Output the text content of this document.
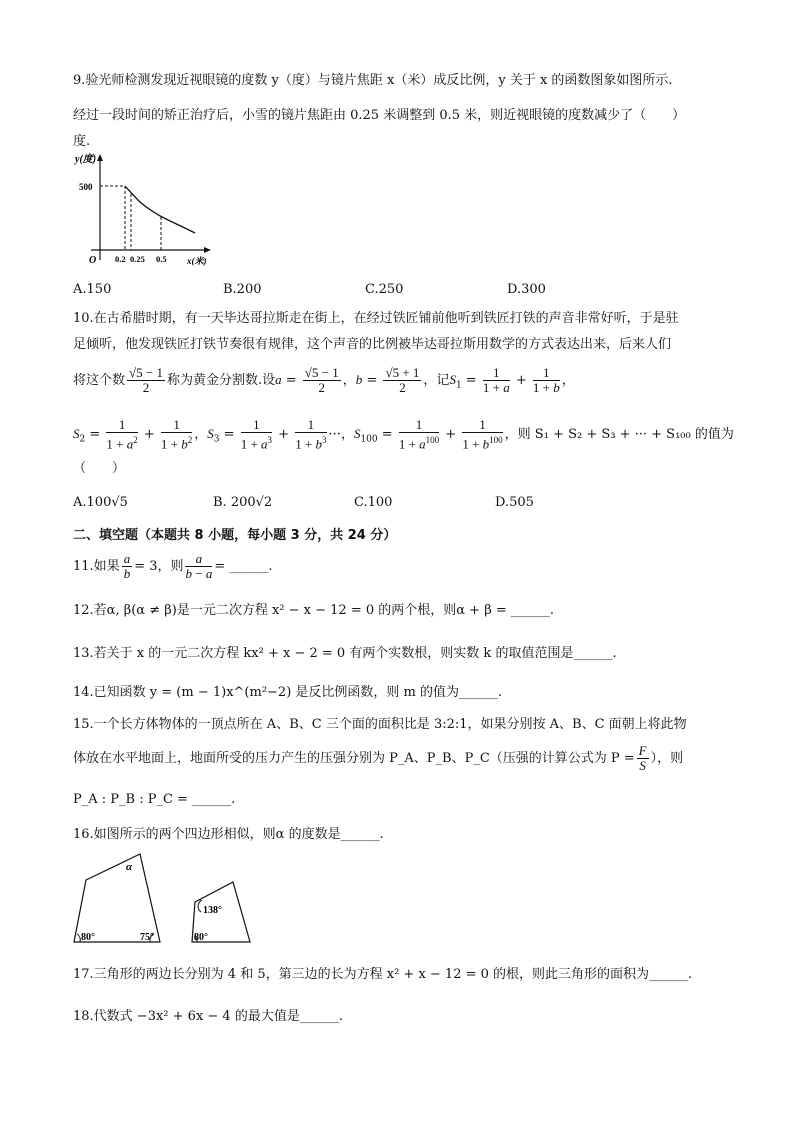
9.验光师检测发现近视眼镜的度数 y（度）与镜片焦距 x（米）成反比例，y 关于 x 的函数图象如图所示.
经过一段时间的矫正治疗后，小雪的镜片焦距由 0.25 米调整到 0.5 米，则近视眼镜的度数减少了（　　）
度.
y(度)
500
O 0.2 0.25 0.5 x(米)
A.150	B.200	C.250	D.300
10.在古希腊时期，有一天毕达哥拉斯走在街上，在经过铁匠铺前他听到铁匠打铁的声音非常好听，于是驻
足倾听，他发现铁匠打铁节奏很有规律，这个声音的比例被毕达哥拉斯用数学的方式表达出来，后来人们
将这个数 $\frac{√5 - 1}{2}$ 称为黄金分割数.设$a = \frac{√5 - 1}{2}$ ，$b = \frac{√5 + 1}{2}$ ，记$S_1 = \frac{1}{1 + a} + \frac{1}{1 + b}$ ，
$S_2 = \frac{1}{1 + a^2} + \frac{1}{1 + b^2}$ ，$S_3 = \frac{1}{1 + a^3} + \frac{1}{1 + b^3}$ ···，$S_{100} = \frac{1}{1 + a^{100}} + \frac{1}{1 + b^{100}}$ ，则 S₁ + S₂ + S₃ + ··· + S₁₀₀ 的值为
（　　）
A.100√5	B. 200√2	C.100	D.505
二、填空题（本题共 8 小题，每小题 3 分，共 24 分）
11.如果 $\frac{a}{b} = 3$，则 $\frac{a}{b - a}$ = ______.
12.若α, β(α ≠ β)是一元二次方程 x² − x − 12 = 0 的两个根，则α + β = ______.
13.若关于 x 的一元二次方程 kx² + x − 2 = 0 有两个实数根，则实数 k 的取值范围是______.
14.已知函数 y = (m − 1)x^(m²−2) 是反比例函数，则 m 的值为______.
15.一个长方体物体的一顶点所在 A、B、C 三个面的面积比是 3:2:1，如果分别按 A、B、C 面朝上将此物
体放在水平地面上，地面所受的压力产生的压强分别为 P_A、P_B、P_C（压强的计算公式为 $P = \frac{F}{S}$ ），则
P_A : P_B : P_C = ______.
16.如图所示的两个四边形相似，则α 的度数是______.
α
80°	75°
138°
80°
17.三角形的两边长分别为 4 和 5，第三边的长为方程 x² + x − 12 = 0 的根，则此三角形的面积为______.
18.代数式 −3x² + 6x − 4 的最大值是______.
